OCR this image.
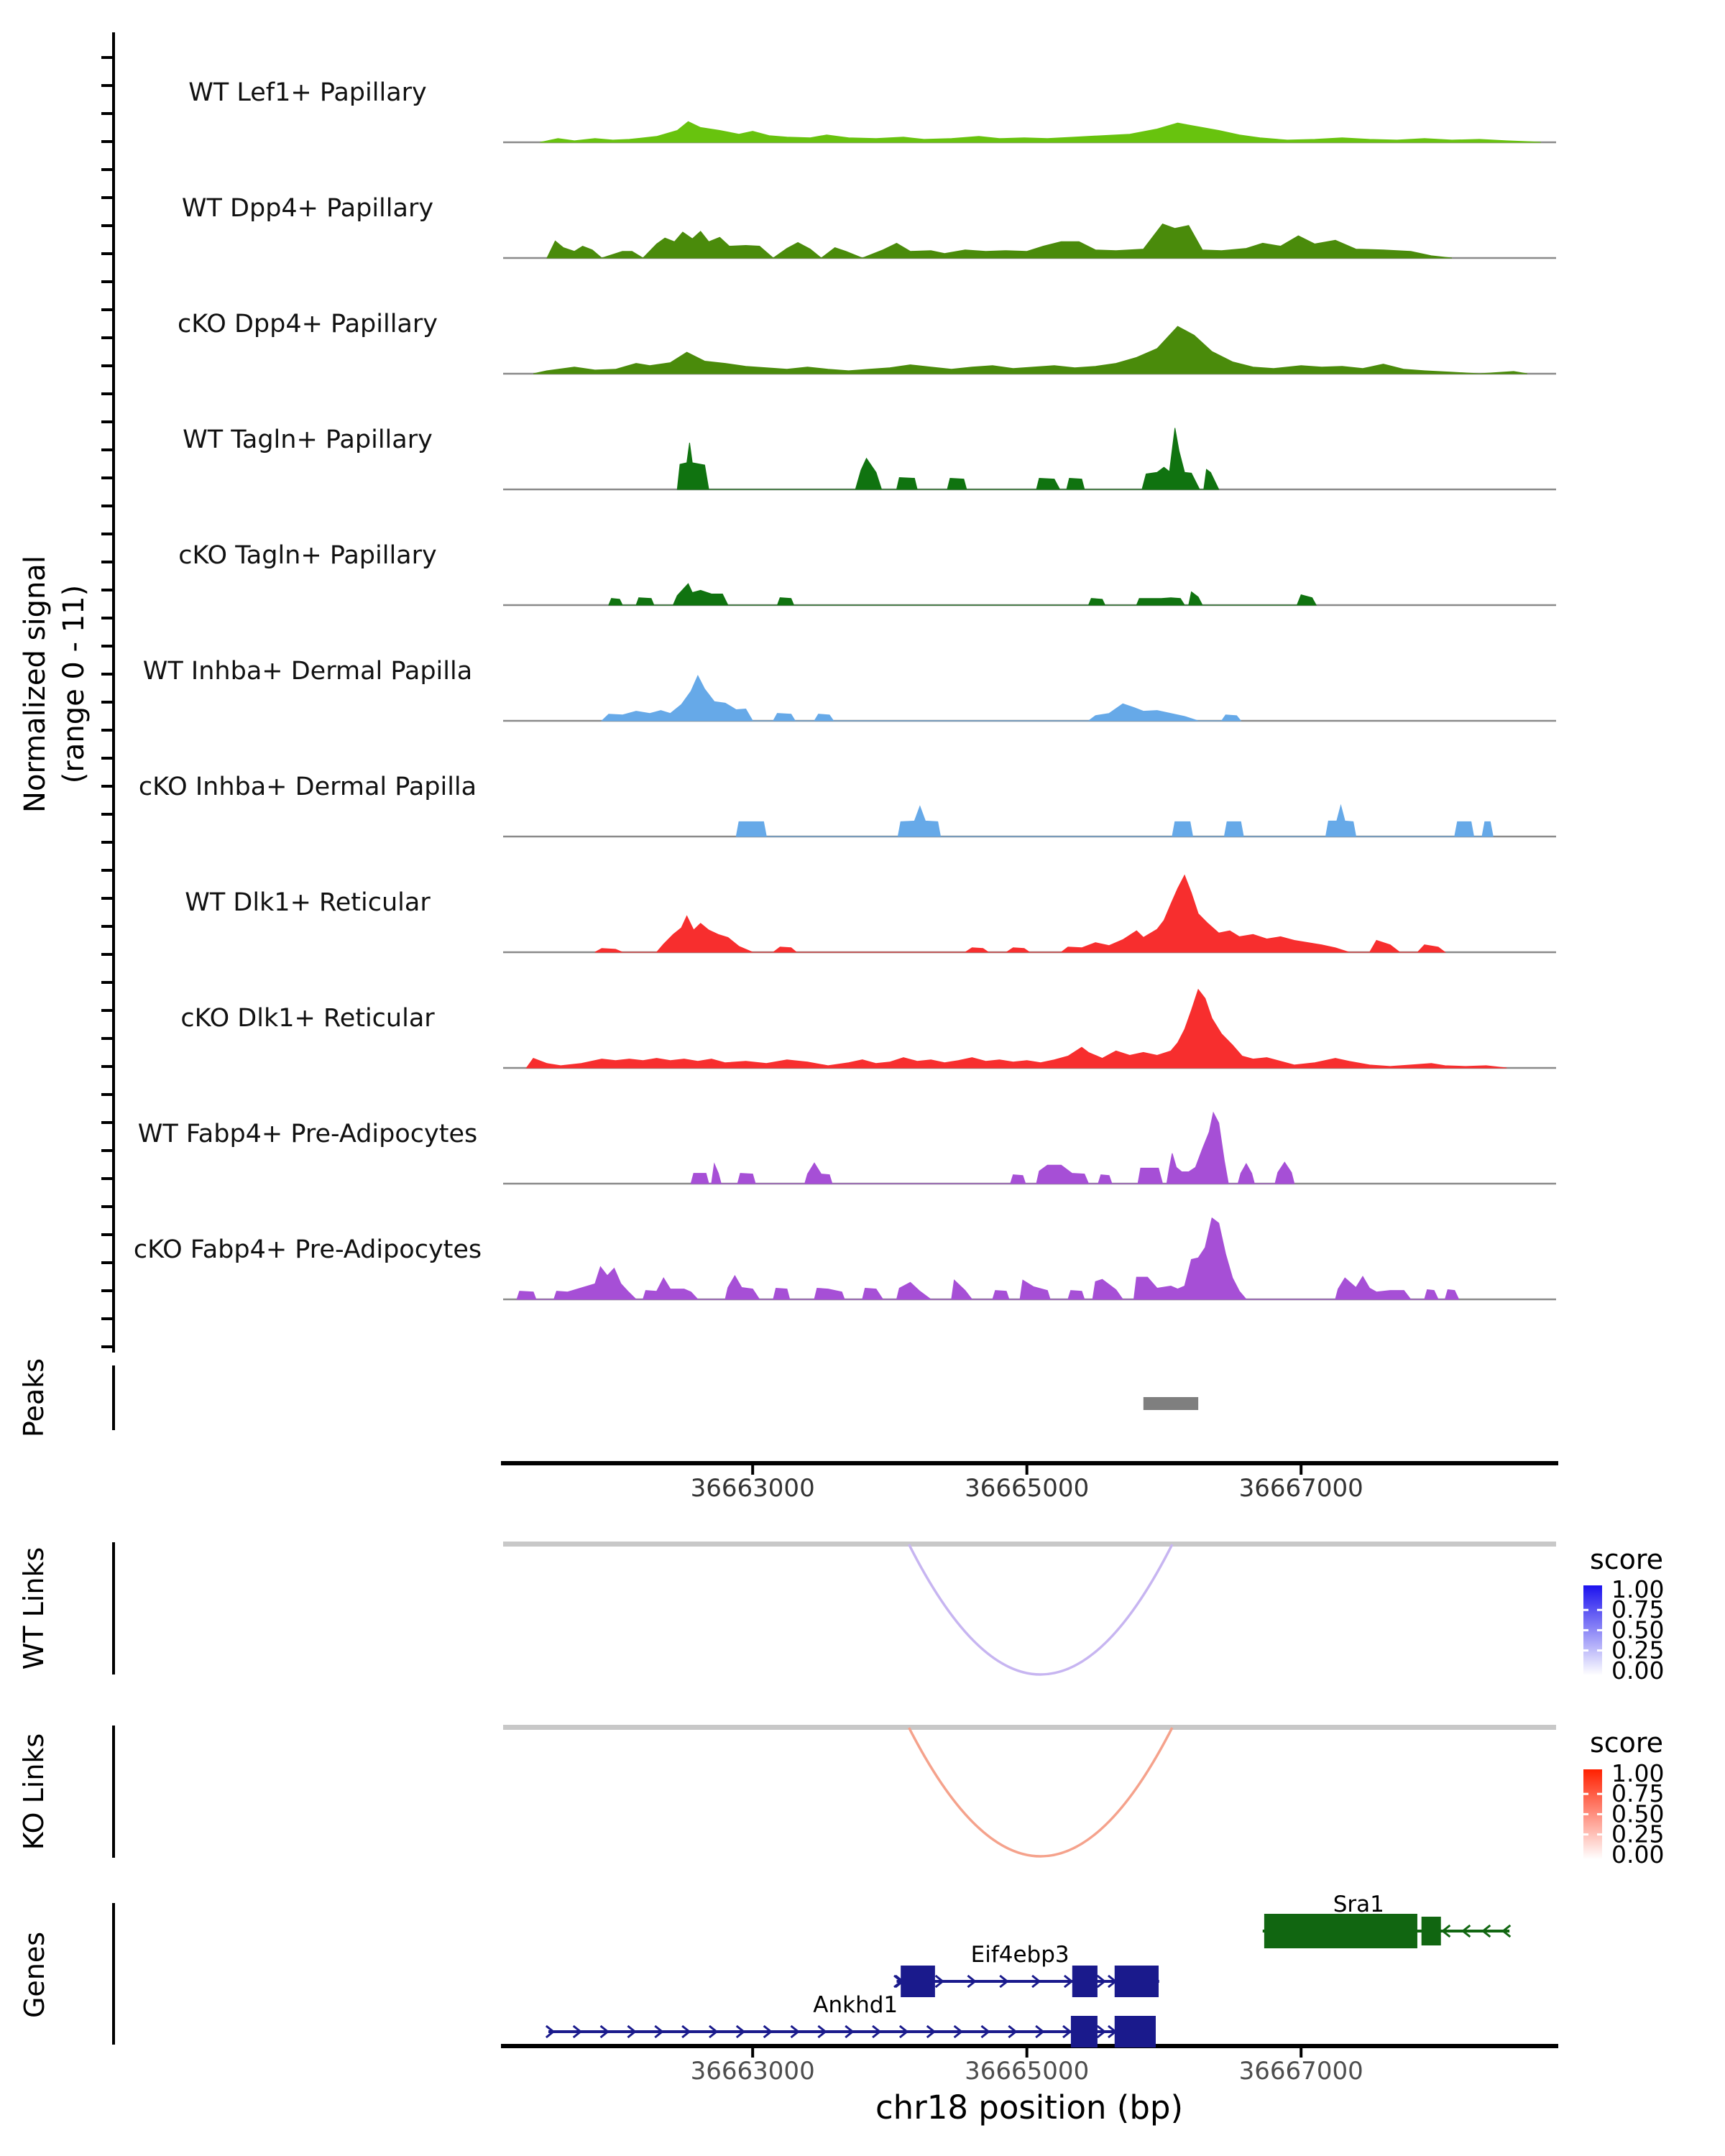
WT Lef1+ Papillary
WT Dpp4+ Papillary
cKO Dpp4+ Papillary
WT Tagln+ Papillary
cKO Tagln+ Papillary
WT Inhba+ Dermal Papilla
cKO Inhba+ Dermal Papilla
WT Dlk1+ Reticular
cKO Dlk1+ Reticular
WT Fabp4+ Pre-Adipocytes
cKO Fabp4+ Pre-Adipocytes
36663000	36665000	36667000
36663000	36665000	36667000
1.00
0.75
0.50
0.25
0.00
1.00
0.75
0.50
0.25
0.00
Sra1
Eif4ebp3
Ankhd1
Normalized signal (range 0 - 11)
Peaks
WT Links
KO Links
Genes
score
score
chr18 position (bp)
